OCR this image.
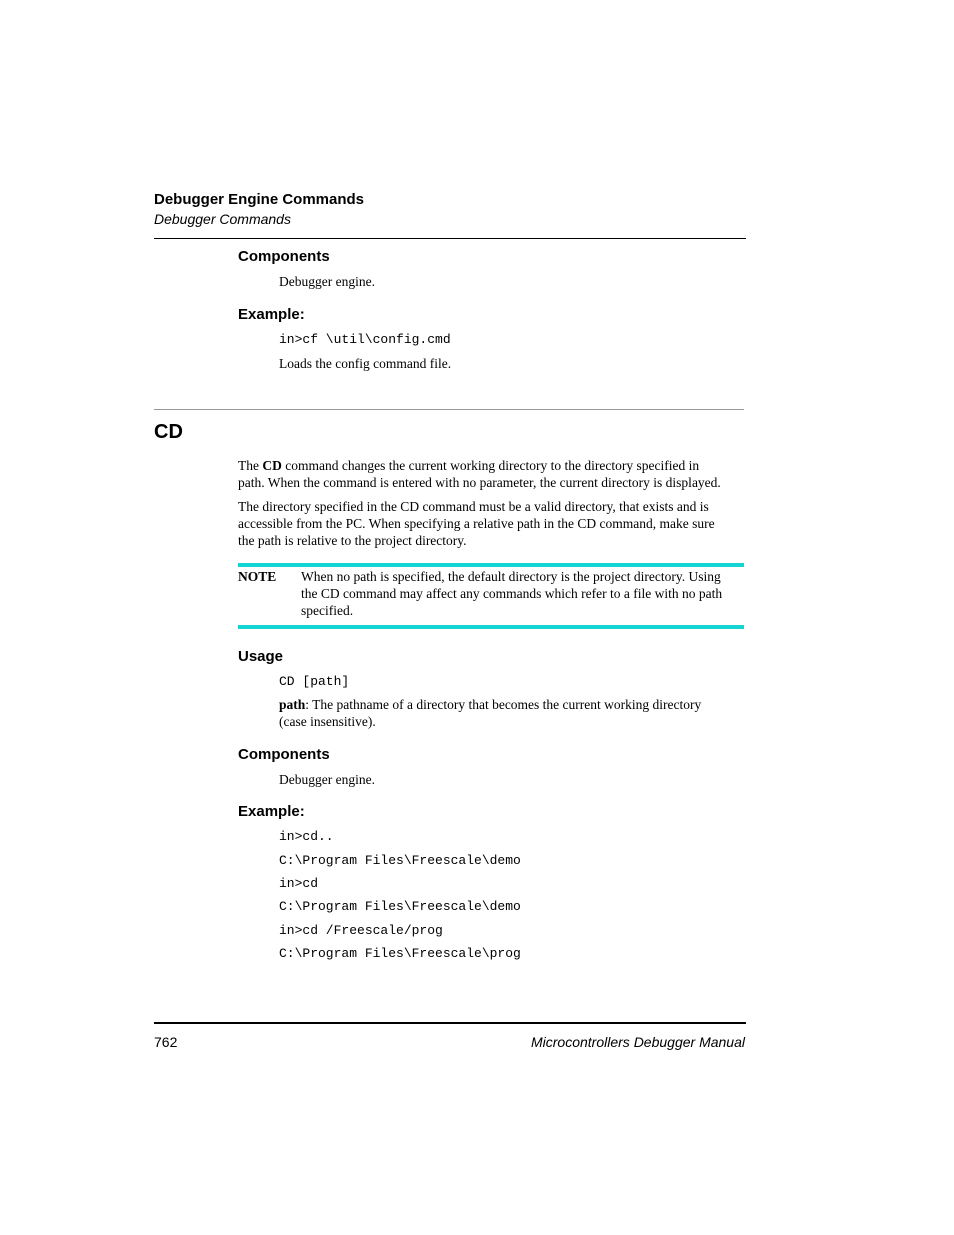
Debugger Engine Commands
Debugger Commands
Components
Debugger engine.
Example:
in>cf \util\config.cmd
Loads the config command file.
CD
The CD command changes the current working directory to the directory specified in
path. When the command is entered with no parameter, the current directory is displayed.
The directory specified in the CD command must be a valid directory, that exists and is
accessible from the PC. When specifying a relative path in the CD command, make sure
the path is relative to the project directory.
NOTE When no path is specified, the default directory is the project directory. Using
the CD command may affect any commands which refer to a file with no path
specified.
Usage
CD [path]
path: The pathname of a directory that becomes the current working directory
(case insensitive).
Components
Debugger engine.
Example:
in>cd..
C:\Program Files\Freescale\demo
in>cd
C:\Program Files\Freescale\demo
in>cd /Freescale/prog
C:\Program Files\Freescale\prog
762	Microcontrollers Debugger Manual
